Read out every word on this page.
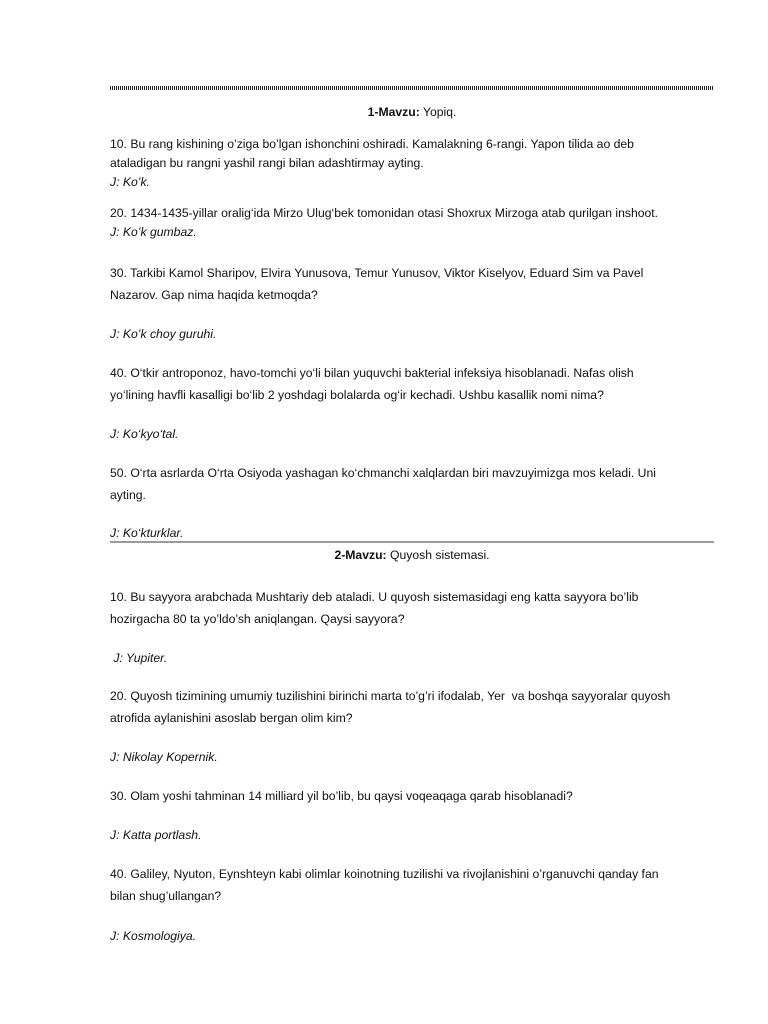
1-Mavzu: Yopiq.
10. Bu rang kishining o’ziga bo’lgan ishonchini oshiradi. Kamalakning 6-rangi. Yapon tilida ao deb
ataladigan bu rangni yashil rangi bilan adashtirmay ayting.
J: Ko’k.
20. 1434-1435-yillar oralig‘ida Mirzo Ulug‘bek tomonidan otasi Shoxrux Mirzoga atab qurilgan inshoot.
J: Ko’k gumbaz.
30. Tarkibi Kamol Sharipov, Elvira Yunusova, Temur Yunusov, Viktor Kiselyov, Eduard Sim va Pavel
Nazarov. Gap nima haqida ketmoqda?
J: Ko’k choy guruhi.
40. O‘tkir antroponoz, havo-tomchi yo‘li bilan yuquvchi bakterial infeksiya hisoblanadi. Nafas olish
yo‘lining havfli kasalligi bo‘lib 2 yoshdagi bolalarda og‘ir kechadi. Ushbu kasallik nomi nima?
J: Ko‘kyo‘tal.
50. O‘rta asrlarda O‘rta Osiyoda yashagan ko‘chmanchi xalqlardan biri mavzuyimizga mos keladi. Uni
ayting.
J: Ko‘kturklar.
2-Mavzu: Quyosh sistemasi.
10. Bu sayyora arabchada Mushtariy deb ataladi. U quyosh sistemasidagi eng katta sayyora bo’lib
hozirgacha 80 ta yo’ldo’sh aniqlangan. Qaysi sayyora?
J: Yupiter.
20. Quyosh tizimining umumiy tuzilishini birinchi marta to’g’ri ifodalab, Yer  va boshqa sayyoralar quyosh
atrofida aylanishini asoslab bergan olim kim?
J: Nikolay Kopernik.
30. Olam yoshi tahminan 14 milliard yil bo’lib, bu qaysi voqeaqaga qarab hisoblanadi?
J: Katta portlash.
40. Galiley, Nyuton, Eynshteyn kabi olimlar koinotning tuzilishi va rivojlanishini o’rganuvchi qanday fan
bilan shug’ullangan?
J: Kosmologiya.
